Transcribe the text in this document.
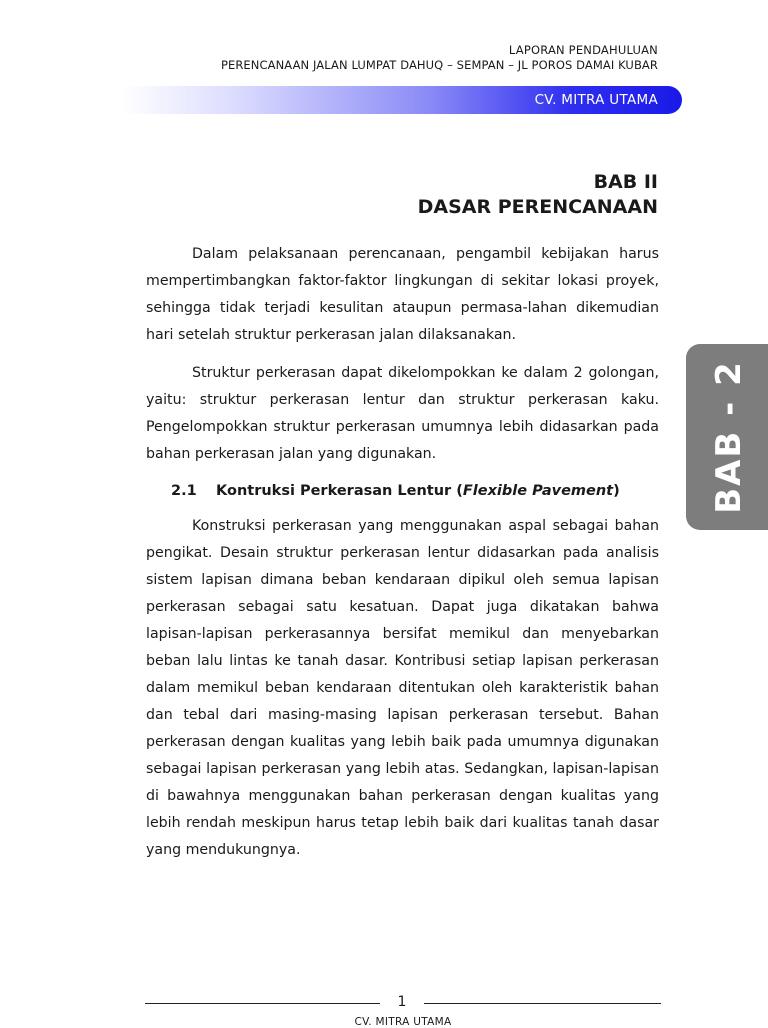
LAPORAN PENDAHULUAN
PERENCANAAN JALAN LUMPAT DAHUQ – SEMPAN – JL POROS DAMAI KUBAR
CV. MITRA UTAMA
BAB - 2
BAB II
DASAR PERENCANAAN

Dalam pelaksanaan perencanaan, pengambil kebijakan harus mempertimbangkan faktor-faktor lingkungan di sekitar lokasi proyek, sehingga tidak terjadi kesulitan ataupun permasa-lahan dikemudian hari setelah struktur perkerasan jalan dilaksanakan.

Struktur perkerasan dapat dikelompokkan ke dalam 2 golongan, yaitu: struktur perkerasan lentur dan struktur perkerasan kaku. Pengelompokkan struktur perkerasan umumnya lebih didasarkan pada bahan perkerasan jalan yang digunakan.

2.1 Kontruksi Perkerasan Lentur (Flexible Pavement)

Konstruksi perkerasan yang menggunakan aspal sebagai bahan pengikat. Desain struktur perkerasan lentur didasarkan pada analisis sistem lapisan dimana beban kendaraan dipikul oleh semua lapisan perkerasan sebagai satu kesatuan. Dapat juga dikatakan bahwa lapisan-lapisan perkerasannya bersifat memikul dan menyebarkan beban lalu lintas ke tanah dasar. Kontribusi setiap lapisan perkerasan dalam memikul beban kendaraan ditentukan oleh karakteristik bahan dan tebal dari masing-masing lapisan perkerasan tersebut. Bahan perkerasan dengan kualitas yang lebih baik pada umumnya digunakan sebagai lapisan perkerasan yang lebih atas. Sedangkan, lapisan-lapisan di bawahnya menggunakan bahan perkerasan dengan kualitas yang lebih rendah meskipun harus tetap lebih baik dari kualitas tanah dasar yang mendukungnya.

1
CV. MITRA UTAMA
